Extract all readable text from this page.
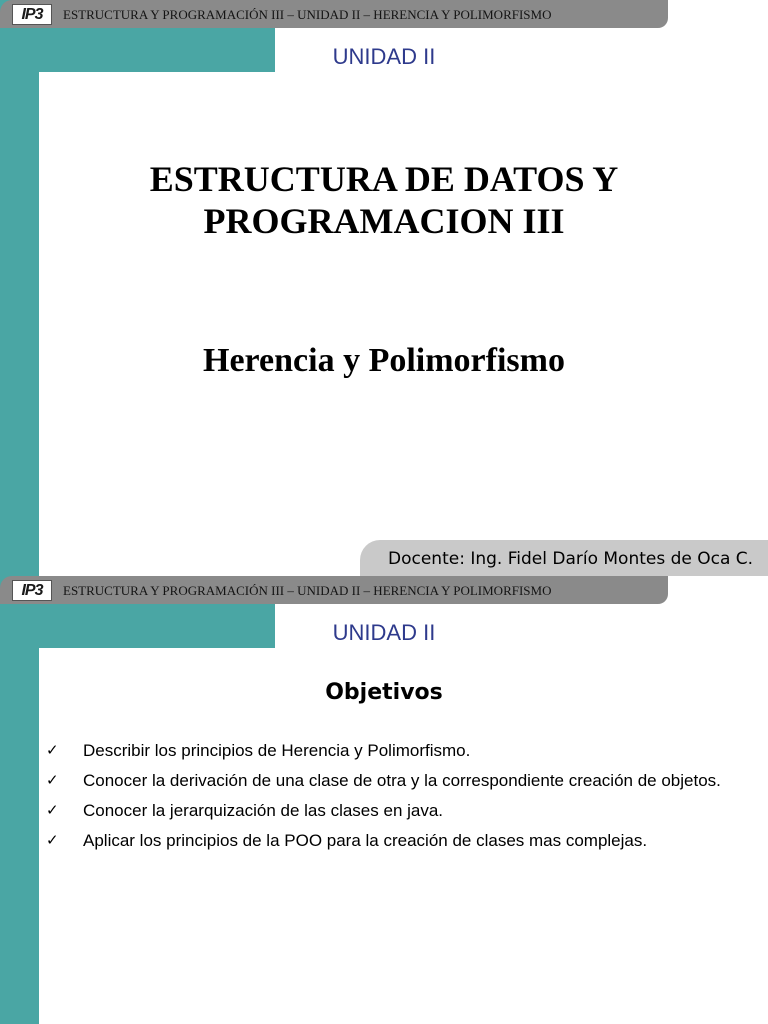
IP3	ESTRUCTURA Y PROGRAMACIÓN III – UNIDAD II – HERENCIA Y POLIMORFISMO
UNIDAD II
ESTRUCTURA DE DATOS Y
PROGRAMACION III
Herencia y Polimorfismo
Docente: Ing. Fidel Darío Montes de Oca C.
IP3	ESTRUCTURA Y PROGRAMACIÓN III – UNIDAD II – HERENCIA Y POLIMORFISMO
UNIDAD II
Objetivos
✓ Describir los principios de Herencia y Polimorfismo.
✓ Conocer la derivación de una clase de otra y la correspondiente creación de objetos.
✓ Conocer la jerarquización de las clases en java.
✓ Aplicar los principios de la POO para la creación de clases mas complejas.
